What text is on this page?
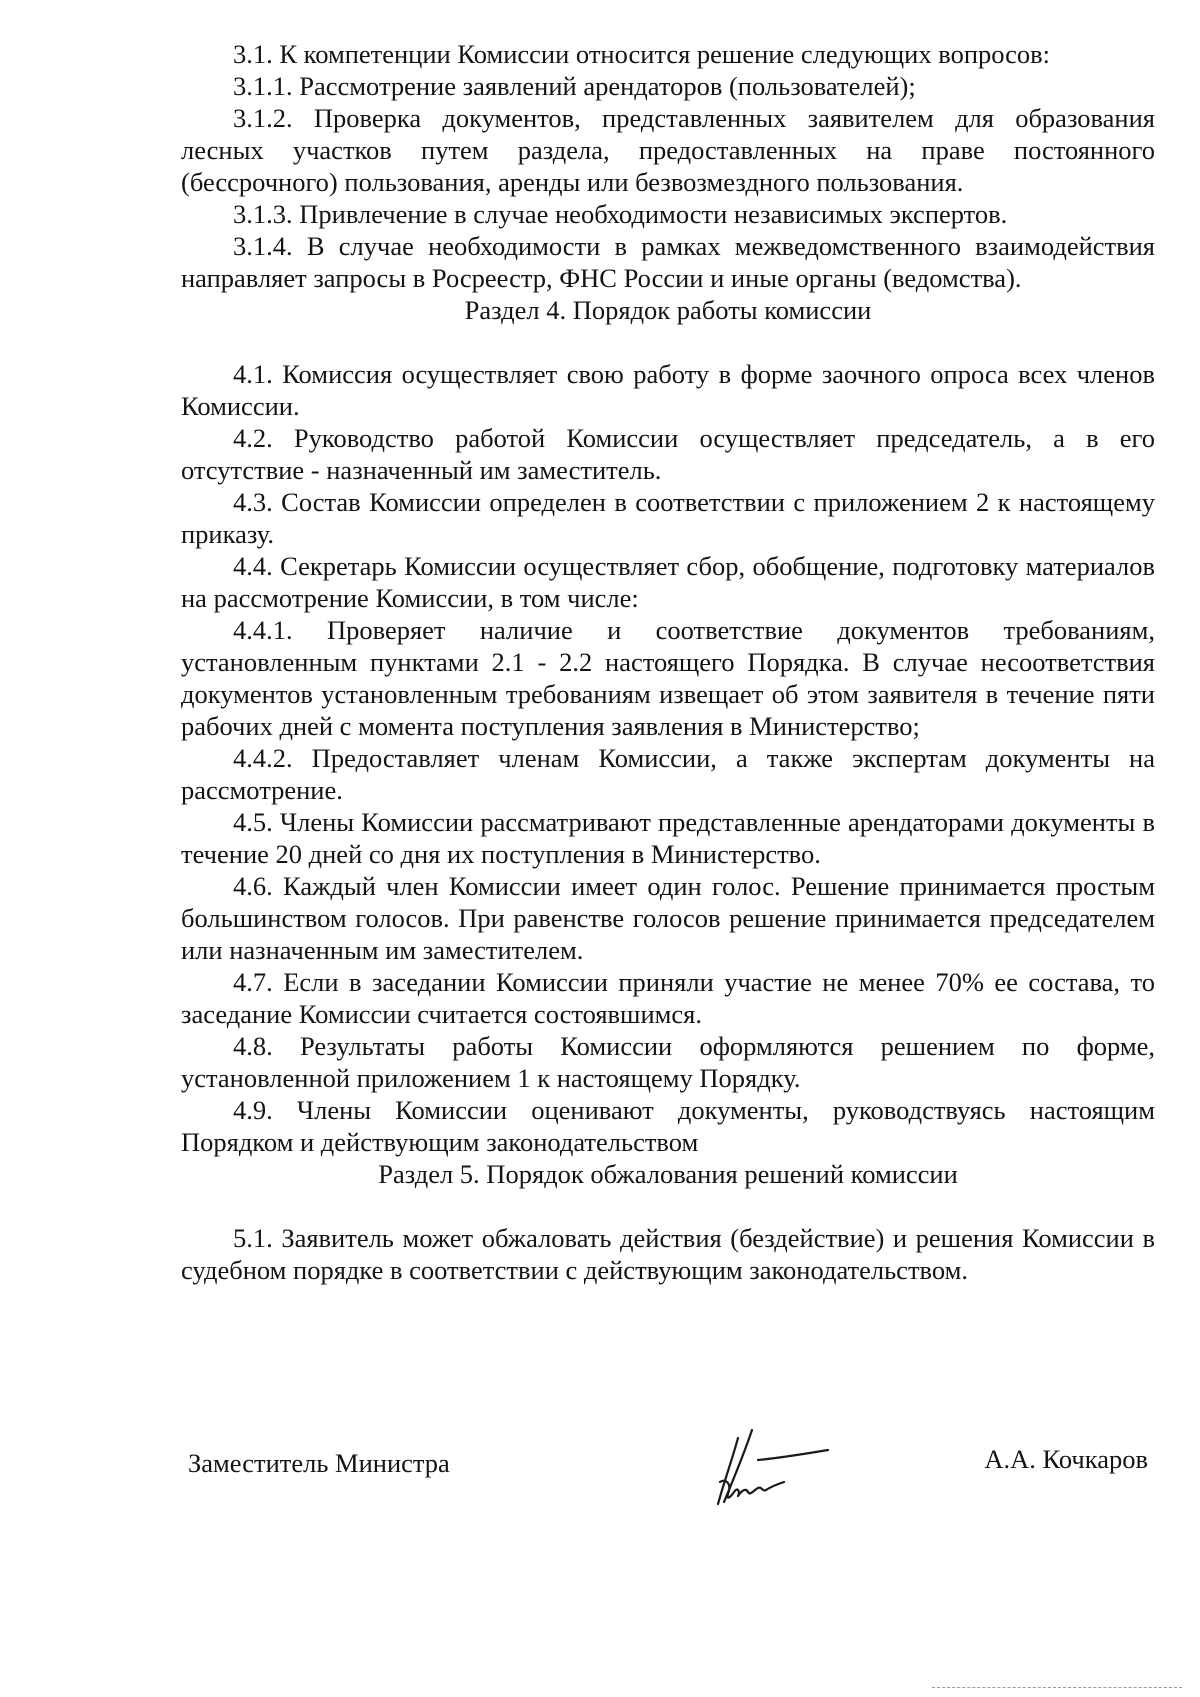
3.1. К компетенции Комиссии относится решение следующих вопросов:

3.1.1. Рассмотрение заявлений арендаторов (пользователей);

3.1.2. Проверка документов, представленных заявителем для образования лесных участков путем раздела, предоставленных на праве постоянного (бессрочного) пользования, аренды или безвозмездного пользования.

3.1.3. Привлечение в случае необходимости независимых экспертов.

3.1.4. В случае необходимости в рамках межведомственного взаимодействия направляет запросы в Росреестр, ФНС России и иные органы (ведомства).

Раздел 4. Порядок работы комиссии

4.1. Комиссия осуществляет свою работу в форме заочного опроса всех членов Комиссии.

4.2. Руководство работой Комиссии осуществляет председатель, а в его отсутствие - назначенный им заместитель.

4.3. Состав Комиссии определен в соответствии с приложением 2 к настоящему приказу.

4.4. Секретарь Комиссии осуществляет сбор, обобщение, подготовку материалов на рассмотрение Комиссии, в том числе:

4.4.1. Проверяет наличие и соответствие документов требованиям, установленным пунктами 2.1 - 2.2 настоящего Порядка. В случае несоответствия документов установленным требованиям извещает об этом заявителя в течение пяти рабочих дней с момента поступления заявления в Министерство;

4.4.2. Предоставляет членам Комиссии, а также экспертам документы на рассмотрение.

4.5. Члены Комиссии рассматривают представленные арендаторами документы в течение 20 дней со дня их поступления в Министерство.

4.6. Каждый член Комиссии имеет один голос. Решение принимается простым большинством голосов. При равенстве голосов решение принимается председателем или назначенным им заместителем.

4.7. Если в заседании Комиссии приняли участие не менее 70% ее состава, то заседание Комиссии считается состоявшимся.

4.8. Результаты работы Комиссии оформляются решением по форме, установленной приложением 1 к настоящему Порядку.

4.9. Члены Комиссии оценивают документы, руководствуясь настоящим Порядком и действующим законодательством

Раздел 5. Порядок обжалования решений комиссии

5.1. Заявитель может обжаловать действия (бездействие) и решения Комиссии в судебном порядке в соответствии с действующим законодательством.

Заместитель Министра	А.А. Кочкаров
